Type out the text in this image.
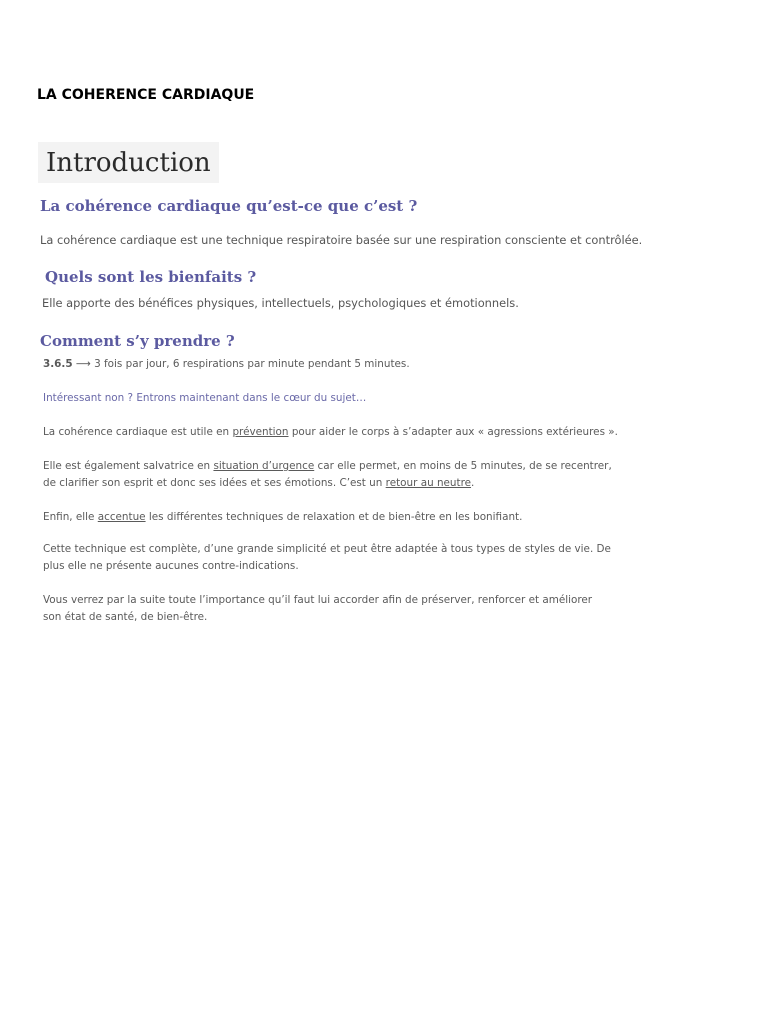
LA COHERENCE CARDIAQUE
Introduction

La cohérence cardiaque qu’est-ce que c’est ?

La cohérence cardiaque est une technique respiratoire basée sur une respiration consciente et contrôlée.

Quels sont les bienfaits ?

Elle apporte des bénéfices physiques, intellectuels, psychologiques et émotionnels.

Comment s’y prendre ?

3.6.5 ⟶ 3 fois par jour, 6 respirations par minute pendant 5 minutes.

Intéressant non ? Entrons maintenant dans le cœur du sujet…

La cohérence cardiaque est utile en prévention pour aider le corps à s’adapter aux « agressions extérieures ».

Elle est également salvatrice en situation d’urgence car elle permet, en moins de 5 minutes, de se recentrer, de clarifier son esprit et donc ses idées et ses émotions. C’est un retour au neutre.

Enfin, elle accentue les différentes techniques de relaxation et de bien-être en les bonifiant.

Cette technique est complète, d’une grande simplicité et peut être adaptée à tous types de styles de vie. De plus elle ne présente aucunes contre-indications.

Vous verrez par la suite toute l’importance qu’il faut lui accorder afin de préserver, renforcer et améliorer son état de santé, de bien-être.
